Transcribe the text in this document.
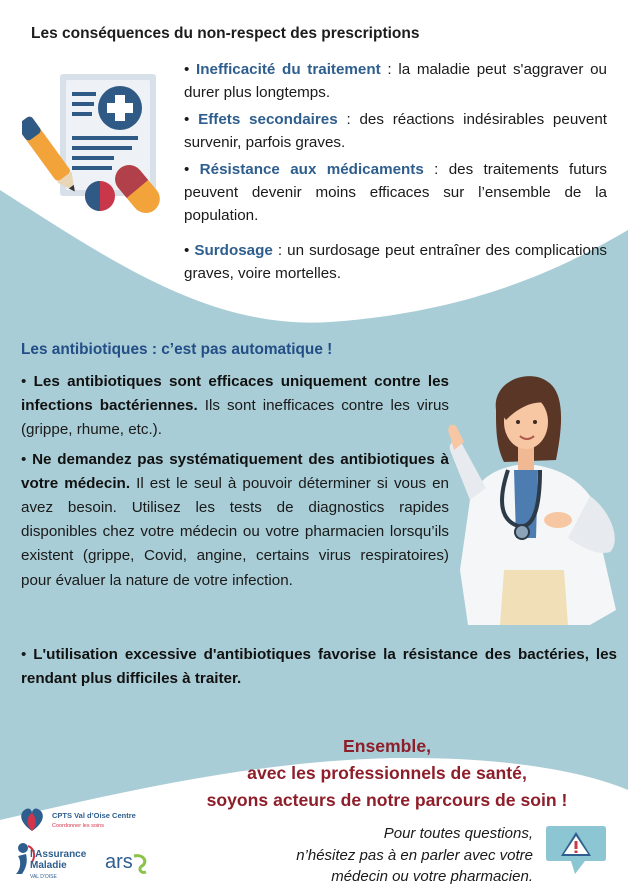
Les conséquences du non-respect des prescriptions

• Inefficacité du traitement : la maladie peut s'aggraver ou durer plus longtemps.

• Effets secondaires : des réactions indésirables peuvent survenir, parfois graves.

• Résistance aux médicaments : des traitements futurs peuvent devenir moins efficaces sur l’ensemble de la population.

• Surdosage : un surdosage peut entraîner des complications graves, voire mortelles.

Les antibiotiques : c’est pas automatique !

• Les antibiotiques sont efficaces uniquement contre les infections bactériennes. Ils sont inefficaces contre les virus (grippe, rhume, etc.).

• Ne demandez pas systématiquement des antibiotiques à votre médecin. Il est le seul à pouvoir déterminer si vous en avez besoin. Utilisez les tests de diagnostics rapides disponibles chez votre médecin ou votre pharmacien lorsqu’ils existent (grippe, Covid, angine, certains virus respiratoires) pour évaluer la nature de votre infection.

• L'utilisation excessive d'antibiotiques favorise la résistance des bactéries, les rendant plus difficiles à traiter.

Ensemble,
avec les professionnels de santé,
soyons acteurs de notre parcours de soin !
Pour toutes questions,
n’hésitez pas à en parler avec votre
médecin ou votre pharmacien.
CPTS Val d’Oise Centre
Coordonner les soins
l'Assurance
Maladie
VAL D'OISE
ars
